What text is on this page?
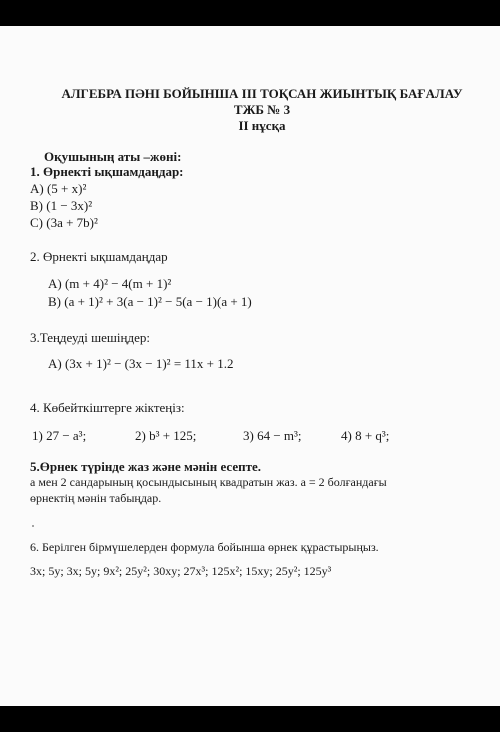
АЛГЕБРА ПӘНІ БОЙЫНША ІІІ ТОҚСАН ЖИЫНТЫҚ БАҒАЛАУ
ТЖБ № 3
ІІ нұсқа
Оқушының аты –жөні:
1. Өрнекті ықшамдаңдар:
A) (5 + x)²
B) (1 − 3x)²
C) (3a + 7b)²
2. Өрнекті ықшамдаңдар
A) (m + 4)² − 4(m + 1)²
B) (a + 1)² + 3(a − 1)² − 5(a − 1)(a + 1)
3.Теңдеуді шешіңдер:
A) (3x + 1)² − (3x − 1)² = 11x + 1.2
4. Көбейткіштерге жіктеңіз:
1) 27 − a³;	2) b³ + 125;	3) 64 − m³;	4) 8 + q³;
5.Өрнек түрінде жаз және мәнін есепте.
а мен 2 сандарының қосындысының квадратын жаз. а = 2 болғандағы
өрнектің мәнін табыңдар.
6. Берілген бірмүшелерден формула бойынша өрнек құрастырыңыз.
3x; 5y; 3x; 5y; 9x²; 25y²; 30xy; 27x³; 125x²; 15xy; 25y²; 125y³
